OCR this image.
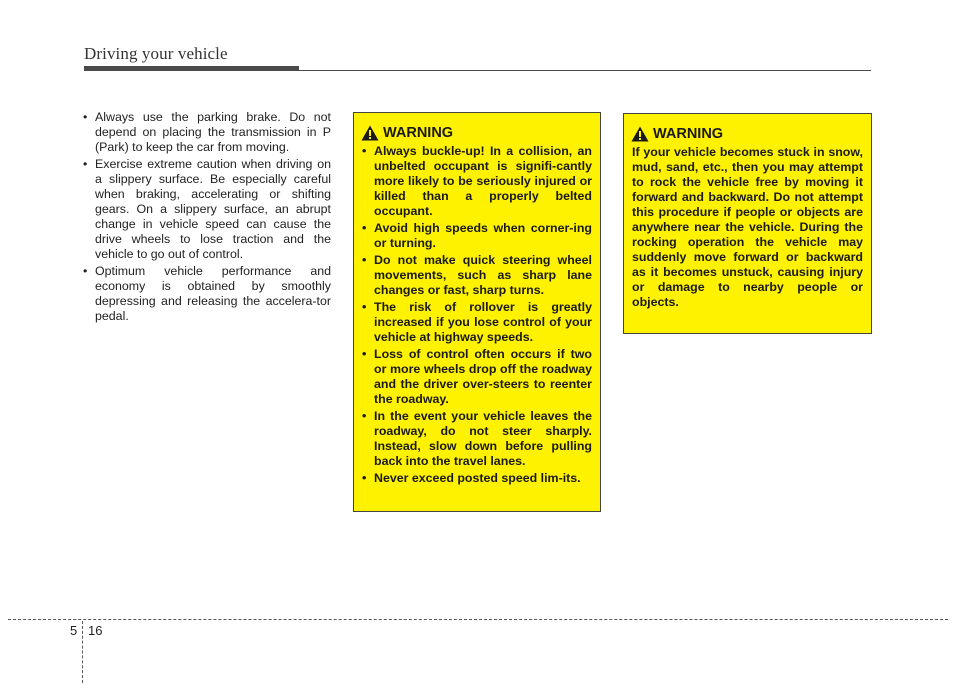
Driving your vehicle
• Always use the parking brake. Do not depend on placing the transmission in P (Park) to keep the car from moving.
• Exercise extreme caution when driving on a slippery surface. Be especially careful when braking, accelerating or shifting gears. On a slippery surface, an abrupt change in vehicle speed can cause the drive wheels to lose traction and the vehicle to go out of control.
• Optimum vehicle performance and economy is obtained by smoothly depressing and releasing the accelera-tor pedal.
WARNING
• Always buckle-up! In a collision, an unbelted occupant is signifi-cantly more likely to be seriously injured or killed than a properly belted occupant.
• Avoid high speeds when corner-ing or turning.
• Do not make quick steering wheel movements, such as sharp lane changes or fast, sharp turns.
• The risk of rollover is greatly increased if you lose control of your vehicle at highway speeds.
• Loss of control often occurs if two or more wheels drop off the roadway and the driver over-steers to reenter the roadway.
• In the event your vehicle leaves the roadway, do not steer sharply. Instead, slow down before pulling back into the travel lanes.
• Never exceed posted speed lim-its.
WARNING

If your vehicle becomes stuck in snow, mud, sand, etc., then you may attempt to rock the vehicle free by moving it forward and backward. Do not attempt this procedure if people or objects are anywhere near the vehicle. During the rocking operation the vehicle may suddenly move forward or backward as it becomes unstuck, causing injury or damage to nearby people or objects.

5 16
